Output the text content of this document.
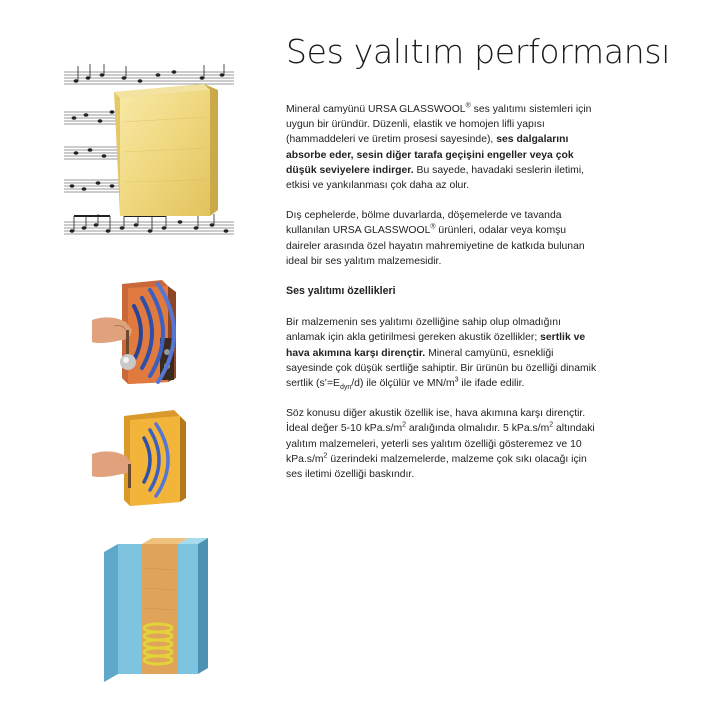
Ses yalıtım performansı

Mineral camyünü URSA GLASSWOOL® ses yalıtımı sistemleri için uygun bir üründür. Düzenli, elastik ve homojen lifli yapısı (hammaddeleri ve üretim prosesi sayesinde), ses dalgalarını absorbe eder, sesin diğer tarafa geçişini engeller veya çok düşük seviyelere indirger. Bu sayede, havadaki seslerin iletimi, etkisi ve yankılanması çok daha az olur.

Dış cephelerde, bölme duvarlarda, döşemelerde ve tavanda kullanılan URSA GLASSWOOL® ürünleri, odalar veya komşu daireler arasında özel hayatın mahremiyetine de katkıda bulunan ideal bir ses yalıtım malzemesidir.

Ses yalıtımı özellikleri

Bir malzemenin ses yalıtımı özelliğine sahip olup olmadığını anlamak için akla getirilmesi gereken akustik özellikler; sertlik ve hava akımına karşı dirençtir. Mineral camyünü, esnekliği sayesinde çok düşük sertliğe sahiptir. Bir ürünün bu özelliği dinamik sertlik $(s’=E_{dyn}/d)$ ile ölçülür ve $MN/m^3$ ile ifade edilir.

Söz konusu diğer akustik özellik ise, hava akımına karşı dirençtir. İdeal değer 5-10 $kPa.s/m^2$ aralığında olmalıdır. 5 $kPa.s/m^2$ altındaki yalıtım malzemeleri, yeterli ses yalıtım özelliği gösteremez ve 10 $kPa.s/m^2$ üzerindeki malzemelerde, malzeme çok sıkı olacağı için ses iletimi özelliği baskındır.
